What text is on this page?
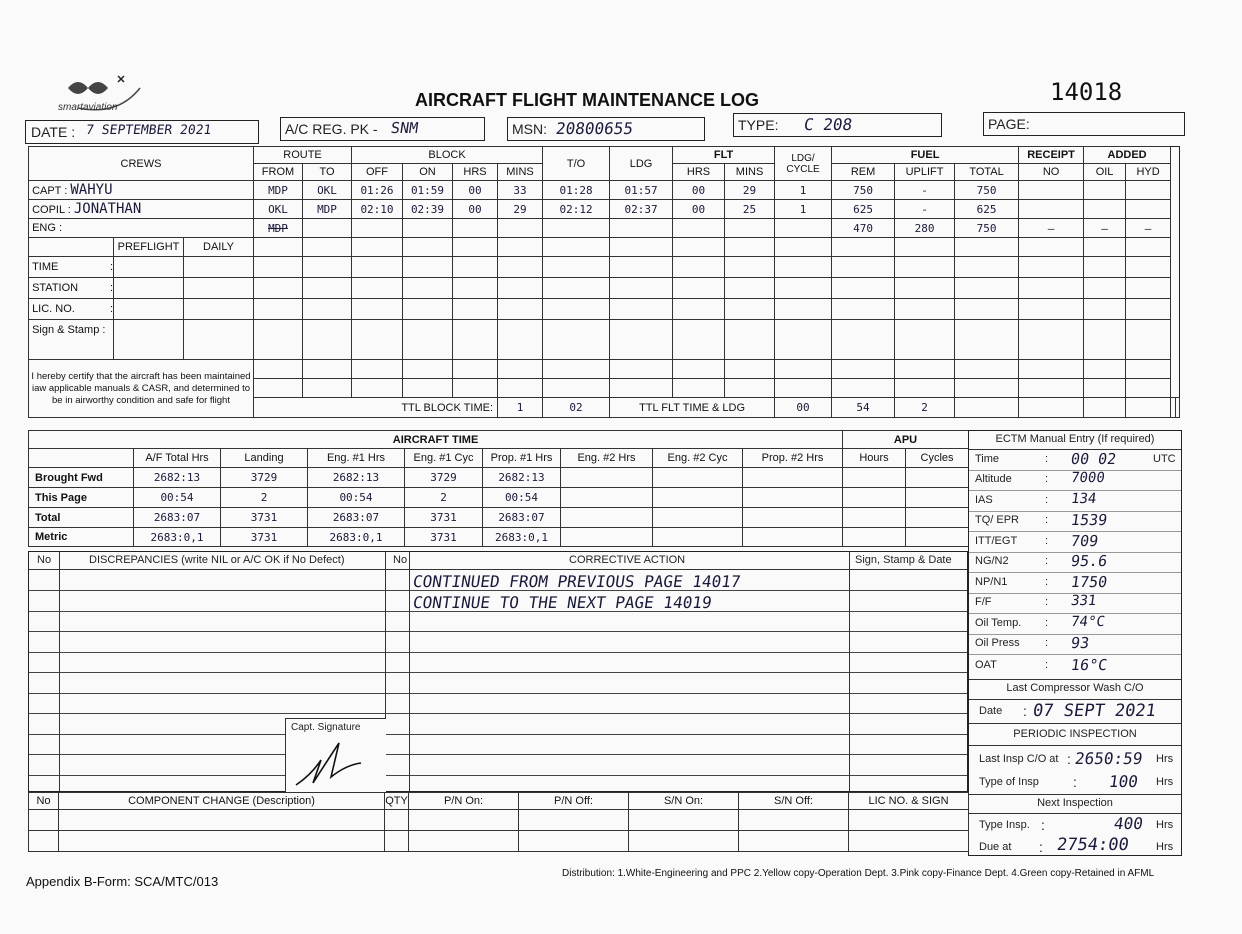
smartaviation	AIRCRAFT FLIGHT MAINTENANCE LOG	14018
DATE : 7 SEPTEMBER 2021	A/C REG. PK - SNM	MSN: 20800655	TYPE: C 208	PAGE:
CREWS			ROUTE		BLOCK				T/O	LDG	FLT		LDG/ CYCLE	FUEL			RECEIPT	ADDED			
			FROM	TO	OFF	ON	HRS	MINS			HRS	MINS		REM	UPLIFT	TOTAL	NO	OIL	HYD		
CAPT : WAHYU			MDP	OKL	01:26	01:59	00	33	01:28	01:57	00	29	1	750	-	750					
COPIL : JONATHAN			OKL	MDP	02:10	02:39	00	29	02:12	02:37	00	25	1	625	-	625					
ENG :			MDP											470	280	750	—	—	—		
	PREFLIGHT	DAILY																			
TIME :																					

STATION :																					

LIC. NO. :																					

Sign & Stamp :																					
I hereby certify that the aircraft has been maintained iaw applicable manuals & CASR, and determined to be in airworthy condition and safe for flight																					

			TTL BLOCK TIME:					1	02	TTL FLT TIME & LDG			00	54	2						
AIRCRAFT TIME								
	A/F Total Hrs	Landing	Eng. #1 Hrs	Eng. #1 Cyc	Prop. #1 Hrs	Eng. #2 Hrs	Eng. #2 Cyc	Prop. #2 Hrs
Brought Fwd	2682:13	3729	2682:13	3729	2682:13			
This Page	00:54	2	00:54	2	00:54			
Total	2683:07	3731	2683:07	3731	2683:07			
Metric	2683:0,1	3731	2683:0,1	3731	2683:0,1			
APU	
Hours	Cycles

ECTM Manual Entry (If required)
Time	: 00 02
Altitude	: 7000
IAS	: 134
TQ/ EPR : 1539
ITT/EGT	: 709
NG/N2	: 95.6
NP/N1	: 1750
F/F	: 331
Oil Temp. : 74°C
Oil Press : 93
OAT	: 16°C
UTC
Last Compressor Wash C/O
Date : 07 SEPT 2021
PERIODIC INSPECTION
Last Insp C/O at : 2650:59 Hrs
Type of Insp : 100 Hrs
Next Inspection
Type Insp. :	400 Hrs
Due at : 2754:00 Hrs
No	DISCREPANCIES (write NIL or A/C OK if No Defect)	No	CORRECTIVE ACTION	Sign, Stamp & Date
Capt. Signature
CONTINUED FROM PREVIOUS PAGE 14017
CONTINUE TO THE NEXT PAGE 14019
No	COMPONENT CHANGE (Description)	QTY	P/N On:	P/N Off:	S/N On:	S/N Off:	LIC NO. & SIGN

Appendix B-Form: SCA/MTC/013
Distribution: 1.White-Engineering and PPC 2.Yellow copy-Operation Dept. 3.Pink copy-Finance Dept. 4.Green copy-Retained in AFML
